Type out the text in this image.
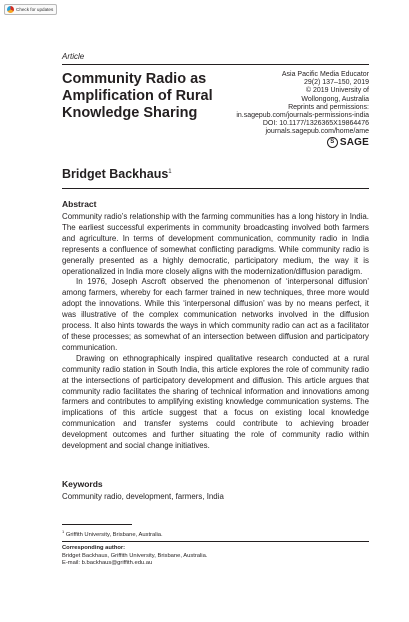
Check for updates
Article
Community Radio as
Amplification of Rural
Knowledge Sharing
Asia Pacific Media Educator
29(2) 137–150, 2019
© 2019 University of
Wollongong, Australia
Reprints and permissions:
in.sagepub.com/journals-permissions-india
DOI: 10.1177/1326365X19864476
journals.sagepub.com/home/ame
S SAGE
Bridget Backhaus$^1$
Abstract

Community radio’s relationship with the farming communities has a long history in India. The earliest successful experiments in community broadcasting involved both farmers and agriculture. In terms of development communication, community radio in India represents a confluence of somewhat conflicting paradigms. While community radio is generally presented as a highly democratic, participatory medium, the way it is operationalized in India more closely aligns with the modernization/diffusion paradigm.

In 1976, Joseph Ascroft observed the phenomenon of ‘interpersonal diffusion’ among farmers, whereby for each farmer trained in new techniques, three more would adopt the innovations. While this ‘interpersonal diffusion’ was by no means perfect, it was illustrative of the complex communication networks involved in the diffusion process. It also hints towards the ways in which community radio can act as a facilitator of these processes; as somewhat of an intersection between diffusion and participatory communication.

Drawing on ethnographically inspired qualitative research conducted at a rural community radio station in South India, this article explores the role of community radio at the intersections of participatory development and diffusion. This article argues that community radio facilitates the sharing of technical information and innovations among farmers and contributes to amplifying existing knowledge communication systems. The implications of this article suggest that a focus on existing local knowledge communication and transfer systems could contribute to achieving broader development outcomes and further situating the role of community radio within development and social change initiatives.

Keywords
Community radio, development, farmers, India
$^1$ Griffith University, Brisbane, Australia.
Corresponding author:
Bridget Backhaus, Griffith University, Brisbane, Australia.
E-mail: b.backhaus@griffith.edu.au
